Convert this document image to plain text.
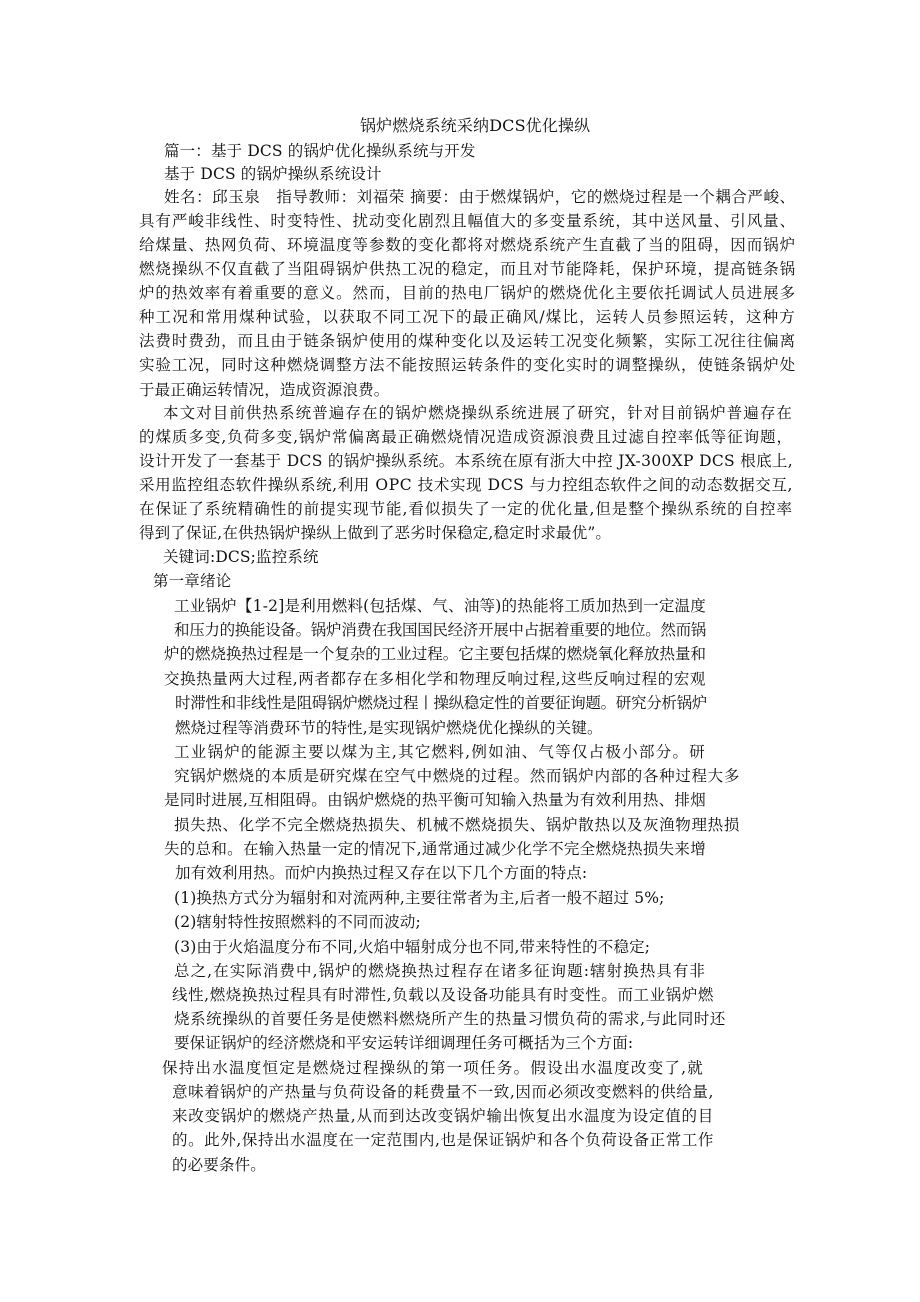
锅炉燃烧系统采纳DCS优化操纵
篇一：基于 DCS 的锅炉优化操纵系统与开发
基于 DCS 的锅炉操纵系统设计
姓名：邱玉泉　指导教师：刘福荣 摘要：由于燃煤锅炉，它的燃烧过程是一个耦合严峻、
具有严峻非线性、时变特性、扰动变化剧烈且幅值大的多变量系统，其中送风量、引风量、
给煤量、热网负荷、环境温度等参数的变化都将对燃烧系统产生直截了当的阻碍，因而锅炉
燃烧操纵不仅直截了当阻碍锅炉供热工况的稳定，而且对节能降耗，保护环境，提高链条锅
炉的热效率有着重要的意义。然而，目前的热电厂锅炉的燃烧优化主要依托调试人员进展多
种工况和常用煤种试验，以获取不同工况下的最正确风/煤比，运转人员参照运转，这种方
法费时费劲，而且由于链条锅炉使用的煤种变化以及运转工况变化频繁，实际工况往往偏离
实验工况，同时这种燃烧调整方法不能按照运转条件的变化实时的调整操纵，使链条锅炉处
于最正确运转情况，造成资源浪费。
本文对目前供热系统普遍存在的锅炉燃烧操纵系统进展了研究，针对目前锅炉普遍存在
的煤质多变,负荷多变,锅炉常偏离最正确燃烧情况造成资源浪费且过滤自控率低等征询题，
设计开发了一套基于 DCS 的锅炉操纵系统。本系统在原有浙大中控 JX-300XP DCS 根底上,
采用监控组态软件操纵系统,利用 OPC 技术实现 DCS 与力控组态软件之间的动态数据交互,
在保证了系统精确性的前提实现节能,看似损失了一定的优化量,但是整个操纵系统的自控率
得到了保证,在供热锅炉操纵上做到了恶劣时保稳定,稳定时求最优”。
关键词:DCS;监控系统
第一章绪论
工业锅炉【1-2]是利用燃料(包括煤、气、油等)的热能将工质加热到一定温度
和压力的换能设备。锅炉消费在我国国民经济开展中占据着重要的地位。然而锅
炉的燃烧换热过程是一个复杂的工业过程。它主要包括煤的燃烧氧化释放热量和
交换热量两大过程,两者都存在多相化学和物理反响过程,这些反响过程的宏观
时滞性和非线性是阻碍锅炉燃烧过程丨操纵稳定性的首要征询题。研究分析锅炉
燃烧过程等消费环节的特性,是实现锅炉燃烧优化操纵的关键。
工业锅炉的能源主要以煤为主,其它燃料,例如油、气等仅占极小部分。研
究锅炉燃烧的本质是研究煤在空气中燃烧的过程。然而锅炉内部的各种过程大多
是同时进展,互相阻碍。由锅炉燃烧的热平衡可知输入热量为有效利用热、排烟
损失热、化学不完全燃烧热损失、机械不燃烧损失、锅炉散热以及灰渔物理热损
失的总和。在输入热量一定的情况下,通常通过减少化学不完全燃烧热损失来增
加有效利用热。而炉内换热过程又存在以下几个方面的特点:
(1)换热方式分为辐射和对流两种,主要往常者为主,后者一般不超过 5%;
(2)辖射特性按照燃料的不同而波动;
(3)由于火焰温度分布不同,火焰中辐射成分也不同,带来特性的不稳定;
总之,在实际消费中,锅炉的燃烧换热过程存在诸多征询题:辖射换热具有非
线性,燃烧换热过程具有时滞性,负载以及设备功能具有时变性。而工业锅炉燃
烧系统操纵的首要任务是使燃料燃烧所产生的热量习惯负荷的需求,与此同时还
要保证锅炉的经济燃烧和平安运转详细调理任务可概括为三个方面:
保持出水温度恒定是燃烧过程操纵的第一项任务。假设出水温度改变了,就
意味着锅炉的产热量与负荷设备的耗费量不一致,因而必须改变燃料的供给量,
来改变锅炉的燃烧产热量,从而到达改变锅炉输出恢复出水温度为设定值的目
的。此外,保持出水温度在一定范围内,也是保证锅炉和各个负荷设备正常工作
的必要条件。
